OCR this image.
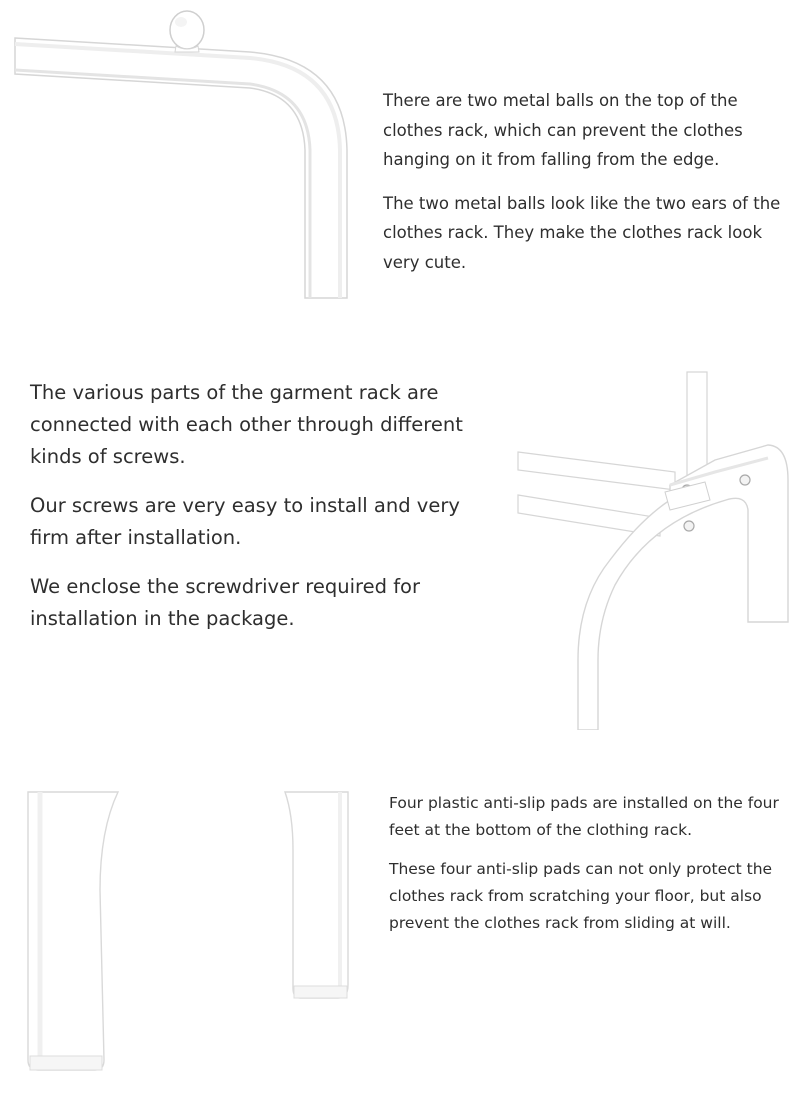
There are two metal balls on the top of the clothes rack, which can prevent the clothes hanging on it from falling from the edge.

The two metal balls look like the two ears of the clothes rack. They make the clothes rack look very cute.

The various parts of the garment rack are connected with each other through different kinds of screws.

Our screws are very easy to install and very firm after installation.

We enclose the screwdriver required for installation in the package.

Four plastic anti-slip pads are installed on the four feet at the bottom of the clothing rack.

These four anti-slip pads can not only protect the clothes rack from scratching your floor, but also prevent the clothes rack from sliding at will.
